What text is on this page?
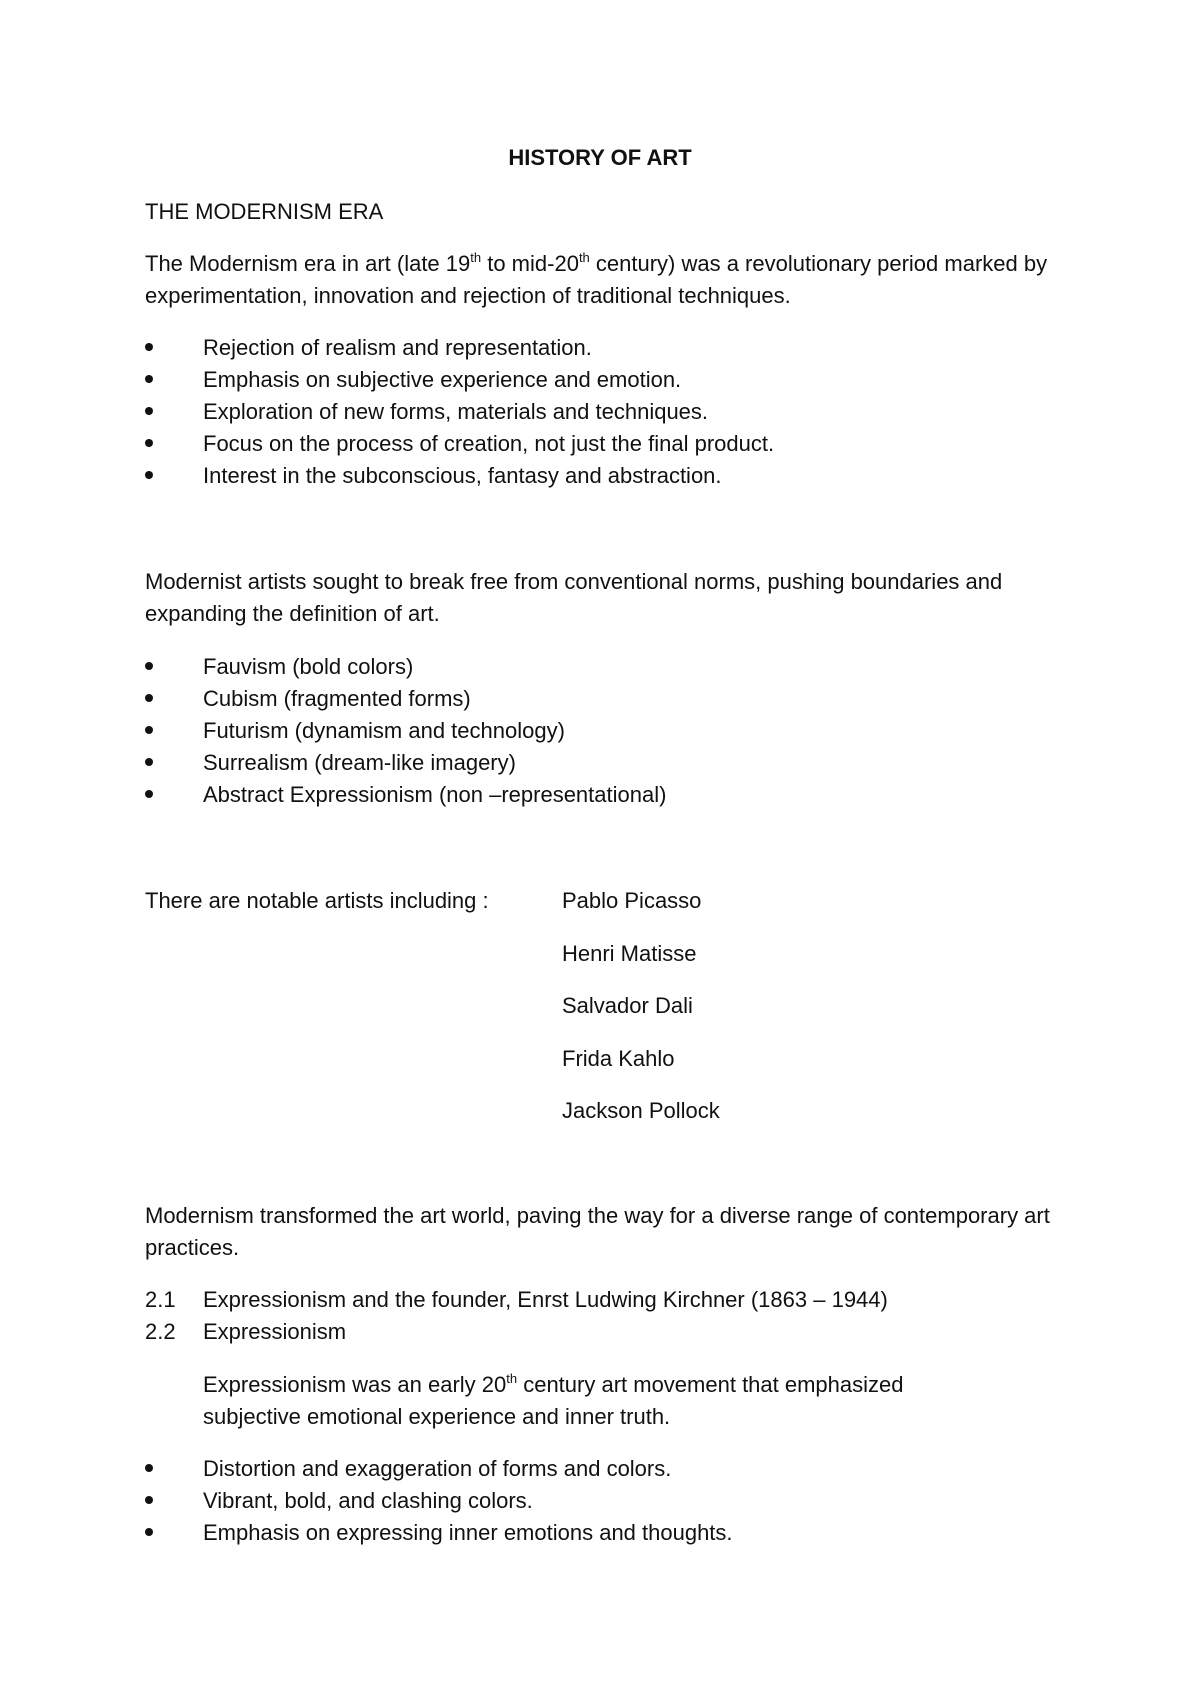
HISTORY OF ART
THE MODERNISM ERA

The Modernism era in art (late 19th to mid-20th century) was a revolutionary period marked by experimentation, innovation and rejection of traditional techniques.

Rejection of realism and representation.
Emphasis on subjective experience and emotion.
Exploration of new forms, materials and techniques.
Focus on the process of creation, not just the final product.
Interest in the subconscious, fantasy and abstraction.

Modernist artists sought to break free from conventional norms, pushing boundaries and expanding the definition of art.

Fauvism (bold colors)
Cubism (fragmented forms)
Futurism (dynamism and technology)
Surrealism (dream-like imagery)
Abstract Expressionism (non –representational)
There are notable artists including :	Pablo Picasso
Henri Matisse
Salvador Dali
Frida Kahlo
Jackson Pollock

Modernism transformed the art world, paving the way for a diverse range of contemporary art practices.

2.1 Expressionism and the founder, Enrst Ludwing Kirchner (1863 – 1944)
2.2 Expressionism

Expressionism was an early 20th century art movement that emphasized subjective emotional experience and inner truth.

Distortion and exaggeration of forms and colors.
Vibrant, bold, and clashing colors.
Emphasis on expressing inner emotions and thoughts.
